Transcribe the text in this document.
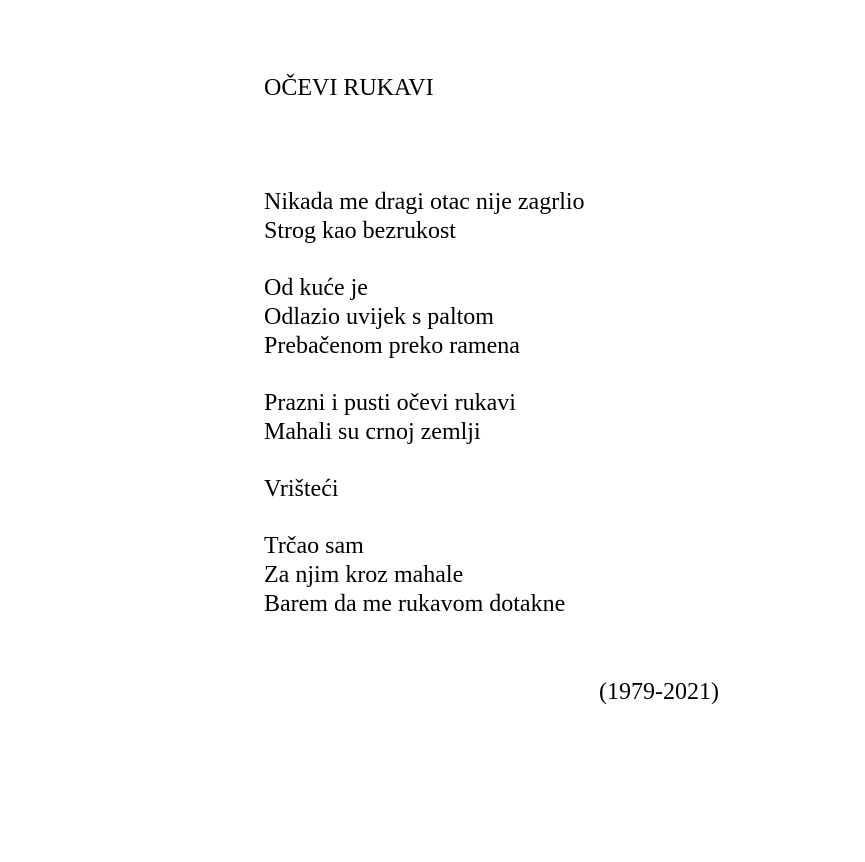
OČEVI RUKAVI
Nikada me dragi otac nije zagrlio
Strog kao bezrukost
Od kuće je
Odlazio uvijek s paltom
Prebačenom preko ramena
Prazni i pusti očevi rukavi
Mahali su crnoj zemlji
Vrišteći
Trčao sam
Za njim kroz mahale
Barem da me rukavom dotakne
(1979-2021)
